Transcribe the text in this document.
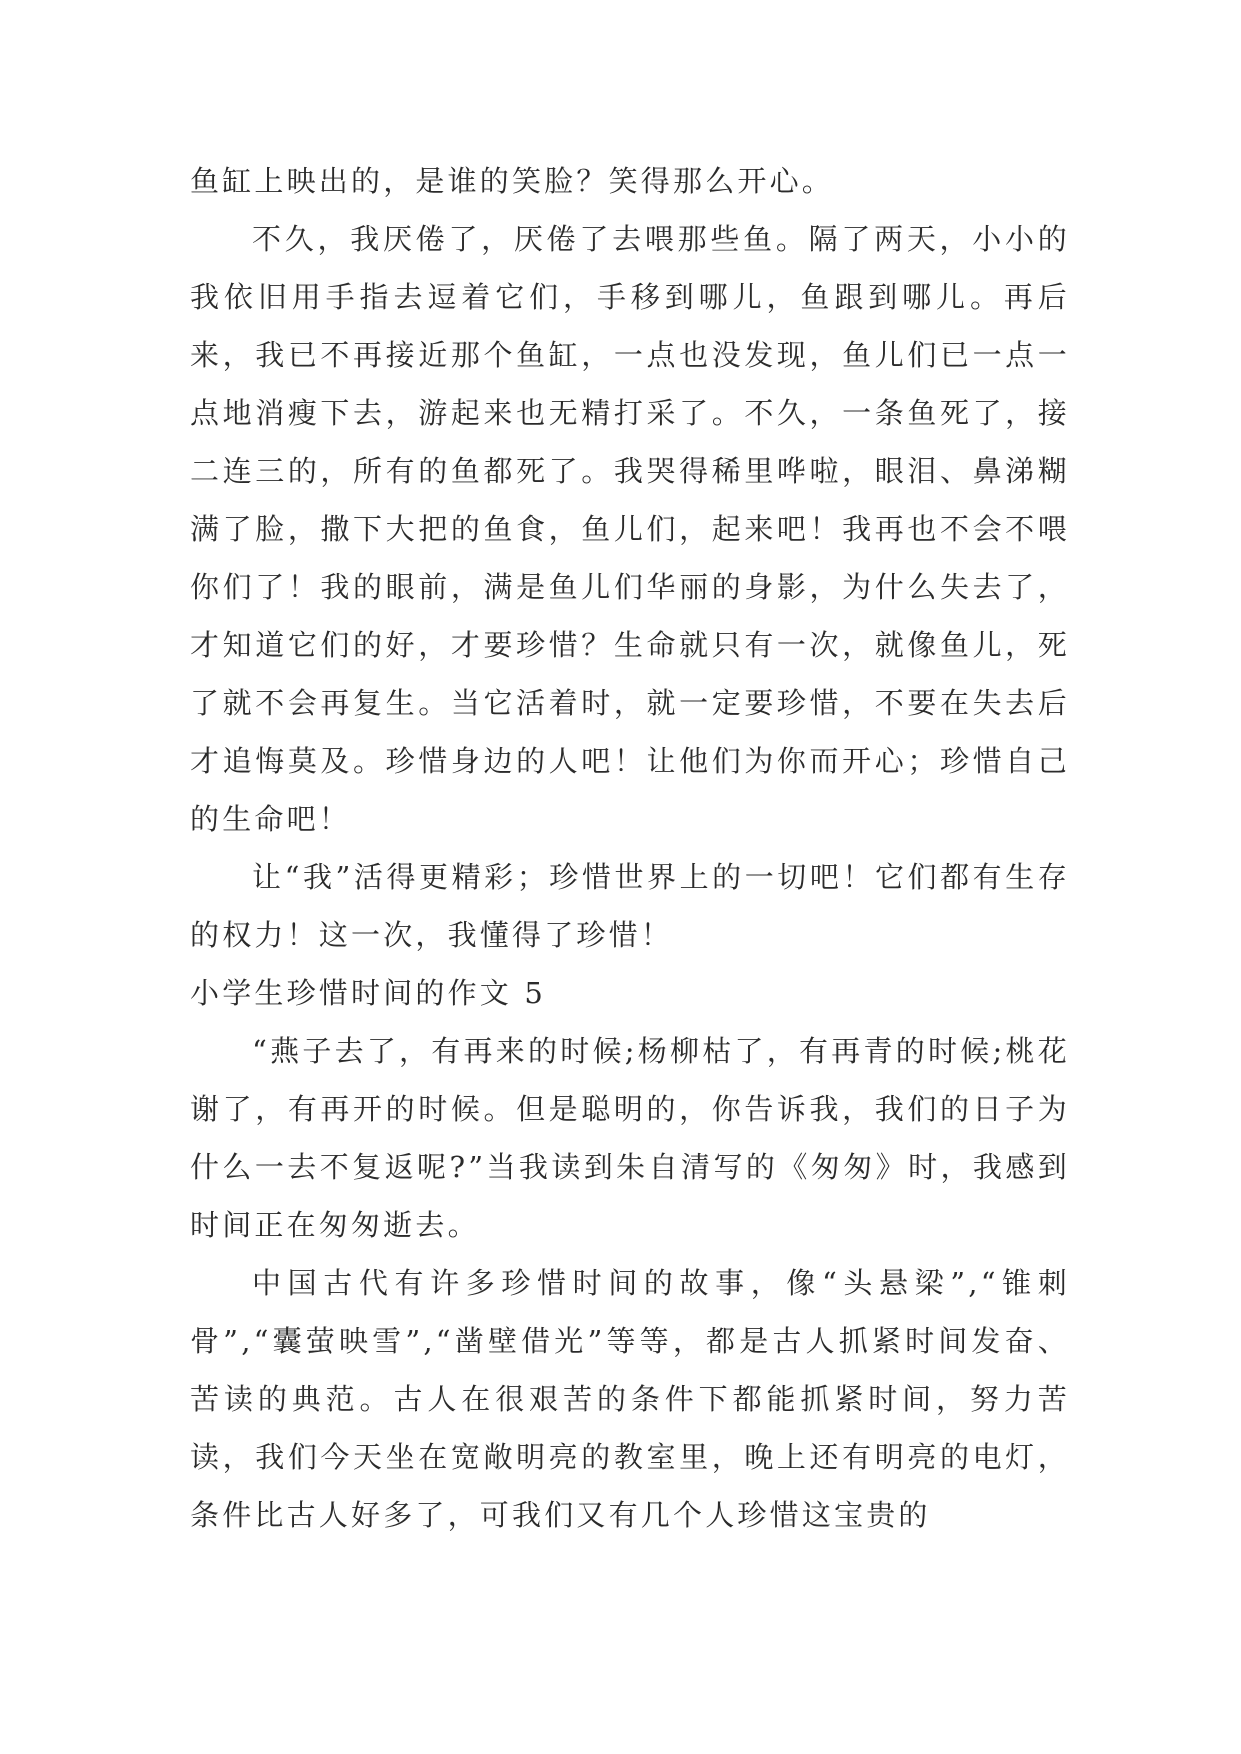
鱼缸上映出的，是谁的笑脸？笑得那么开心。

不久，我厌倦了，厌倦了去喂那些鱼。隔了两天，小小的我依旧用手指去逗着它们，手移到哪儿，鱼跟到哪儿。再后来，我已不再接近那个鱼缸，一点也没发现，鱼儿们已一点一点地消瘦下去，游起来也无精打采了。不久，一条鱼死了，接二连三的，所有的鱼都死了。我哭得稀里哗啦，眼泪、鼻涕糊满了脸，撒下大把的鱼食，鱼儿们，起来吧！我再也不会不喂你们了！我的眼前，满是鱼儿们华丽的身影，为什么失去了，才知道它们的好，才要珍惜？生命就只有一次，就像鱼儿，死了就不会再复生。当它活着时，就一定要珍惜，不要在失去后才追悔莫及。珍惜身边的人吧！让他们为你而开心；珍惜自己的生命吧！

让“我”活得更精彩；珍惜世界上的一切吧！它们都有生存的权力！这一次，我懂得了珍惜！

小学生珍惜时间的作文 5

“燕子去了，有再来的时候;杨柳枯了，有再青的时候;桃花谢了，有再开的时候。但是聪明的，你告诉我，我们的日子为什么一去不复返呢?”当我读到朱自清写的《匆匆》时，我感到时间正在匆匆逝去。

中国古代有许多珍惜时间的故事，像“头悬梁”,“锥刺骨”,“囊萤映雪”,“凿壁借光”等等，都是古人抓紧时间发奋、苦读的典范。古人在很艰苦的条件下都能抓紧时间，努力苦读，我们今天坐在宽敞明亮的教室里，晚上还有明亮的电灯，条件比古人好多了，可我们又有几个人珍惜这宝贵的
